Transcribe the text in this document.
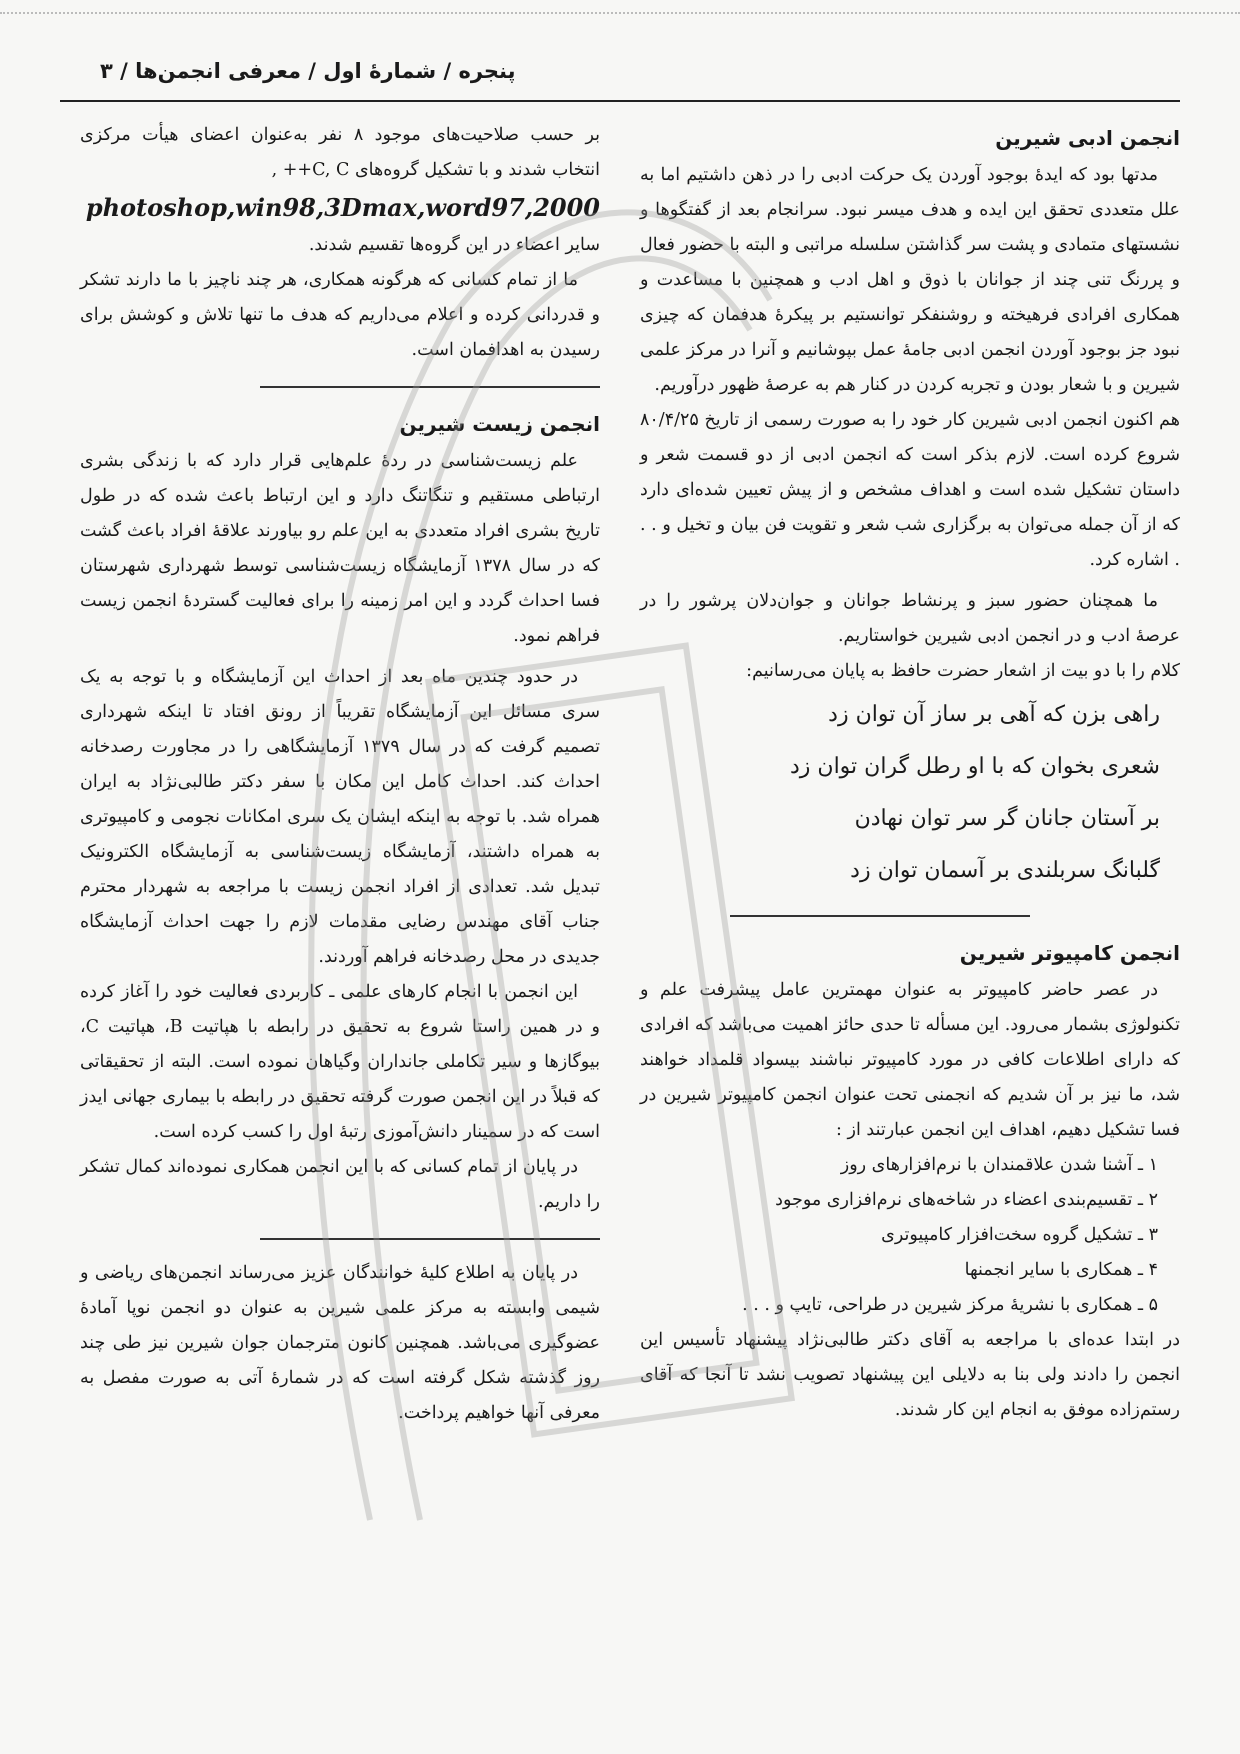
پنجره / شمارهٔ اول / معرفی انجمن‌ها / ۳
انجمن ادبی شیرین

مدتها بود که ایدهٔ بوجود آوردن یک حرکت ادبی را در ذهن داشتیم اما به علل متعددی تحقق این ایده و هدف میسر نبود. سرانجام بعد از گفتگوها و نشستهای متمادی و پشت سر گذاشتن سلسله مراتبی و البته با حضور فعال و پررنگ تنی چند از جوانان با ذوق و اهل ادب و همچنین با مساعدت و همکاری افرادی فرهیخته و روشنفکر توانستیم بر پیکرهٔ هدفمان که چیزی نبود جز بوجود آوردن انجمن ادبی جامهٔ عمل بپوشانیم و آنرا در مرکز علمی شیرین و با شعار بودن و تجربه کردن در کنار هم به عرصهٔ ظهور درآوریم.

هم اکنون انجمن ادبی شیرین کار خود را به صورت رسمی از تاریخ ۸۰/۴/۲۵ شروع کرده است. لازم بذکر است که انجمن ادبی از دو قسمت شعر و داستان تشکیل شده است و اهداف مشخص و از پیش تعیین شده‌ای دارد که از آن جمله می‌توان به برگزاری شب شعر و تقویت فن بیان و تخیل و . . . اشاره کرد.

ما همچنان حضور سبز و پرنشاط جوانان و جوان‌دلان پرشور را در عرصهٔ ادب و در انجمن ادبی شیرین خواستاریم.

کلام را با دو بیت از اشعار حضرت حافظ به پایان می‌رسانیم:

راهی بزن که آهی بر ساز آن توان زد

شعری بخوان که با او رطل گران توان زد

بر آستان جانان گر سر توان نهادن

گلبانگ سربلندی بر آسمان توان زد

انجمن کامپیوتر شیرین

در عصر حاضر کامپیوتر به عنوان مهمترین عامل پیشرفت علم و تکنولوژی بشمار می‌رود. این مسأله تا حدی حائز اهمیت می‌باشد که افرادی که دارای اطلاعات کافی در مورد کامپیوتر نباشند بیسواد قلمداد خواهند شد، ما نیز بر آن شدیم که انجمنی تحت عنوان انجمن کامپیوتر شیرین در فسا تشکیل دهیم، اهداف این انجمن عبارتند از :

۱ ـ آشنا شدن علاقمندان با نرم‌افزارهای روز

۲ ـ تقسیم‌بندی اعضاء در شاخه‌های نرم‌افزاری موجود

۳ ـ تشکیل گروه سخت‌افزار کامپیوتری

۴ ـ همکاری با سایر انجمنها

۵ ـ همکاری با نشریهٔ مرکز شیرین در طراحی، تایپ و . . .

در ابتدا عده‌ای با مراجعه به آقای دکتر طالبی‌نژاد پیشنهاد تأسیس این انجمن را دادند ولی بنا به دلایلی این پیشنهاد تصویب نشد تا آنجا که آقای رستم‌زاده موفق به انجام این کار شدند.

بر حسب صلاحیت‌های موجود ۸ نفر به‌عنوان اعضای هیأت مرکزی انتخاب شدند و با تشکیل گروه‌های C, C++ ,

photoshop,win98,3Dmax,word97,2000

سایر اعضاء در این گروه‌ها تقسیم شدند.

ما از تمام کسانی که هرگونه همکاری، هر چند ناچیز با ما دارند تشکر و قدردانی کرده و اعلام می‌داریم که هدف ما تنها تلاش و کوشش برای رسیدن به اهدافمان است.

انجمن زیست شیرین

علم زیست‌شناسی در ردهٔ علم‌هایی قرار دارد که با زندگی بشری ارتباطی مستقیم و تنگاتنگ دارد و این ارتباط باعث شده که در طول تاریخ بشری افراد متعددی به این علم رو بیاورند علاقهٔ افراد باعث گشت که در سال ۱۳۷۸ آزمایشگاه زیست‌شناسی توسط شهرداری شهرستان فسا احداث گردد و این امر زمینه را برای فعالیت گستردهٔ انجمن زیست فراهم نمود.

در حدود چندین ماه بعد از احداث این آزمایشگاه و با توجه به یک سری مسائل این آزمایشگاه تقریباً از رونق افتاد تا اینکه شهرداری تصمیم گرفت که در سال ۱۳۷۹ آزمایشگاهی را در مجاورت رصدخانه احداث کند. احداث کامل این مکان با سفر دکتر طالبی‌نژاد به ایران همراه شد. با توجه به اینکه ایشان یک سری امکانات نجومی و کامپیوتری به همراه داشتند، آزمایشگاه زیست‌شناسی به آزمایشگاه الکترونیک تبدیل شد. تعدادی از افراد انجمن زیست با مراجعه به شهردار محترم جناب آقای مهندس رضایی مقدمات لازم را جهت احداث آزمایشگاه جدیدی در محل رصدخانه فراهم آوردند.

این انجمن با انجام کارهای علمی ـ کاربردی فعالیت خود را آغاز کرده و در همین راستا شروع به تحقیق در رابطه با هپاتیت B، هپاتیت C، بیوگازها و سیر تکاملی جانداران وگیاهان نموده است. البته از تحقیقاتی که قبلاً در این انجمن صورت گرفته تحقیق در رابطه با بیماری جهانی ایدز است که در سمینار دانش‌آموزی رتبهٔ اول را کسب کرده است.

در پایان از تمام کسانی که با این انجمن همکاری نموده‌اند کمال تشکر را داریم.

در پایان به اطلاع کلیهٔ خوانندگان عزیز می‌رساند انجمن‌های ریاضی و شیمی وابسته به مرکز علمی شیرین به عنوان دو انجمن نوپا آمادهٔ عضوگیری می‌باشد. همچنین کانون مترجمان جوان شیرین نیز طی چند روز گذشته شکل گرفته است که در شمارهٔ آتی به صورت مفصل به معرفی آنها خواهیم پرداخت.
